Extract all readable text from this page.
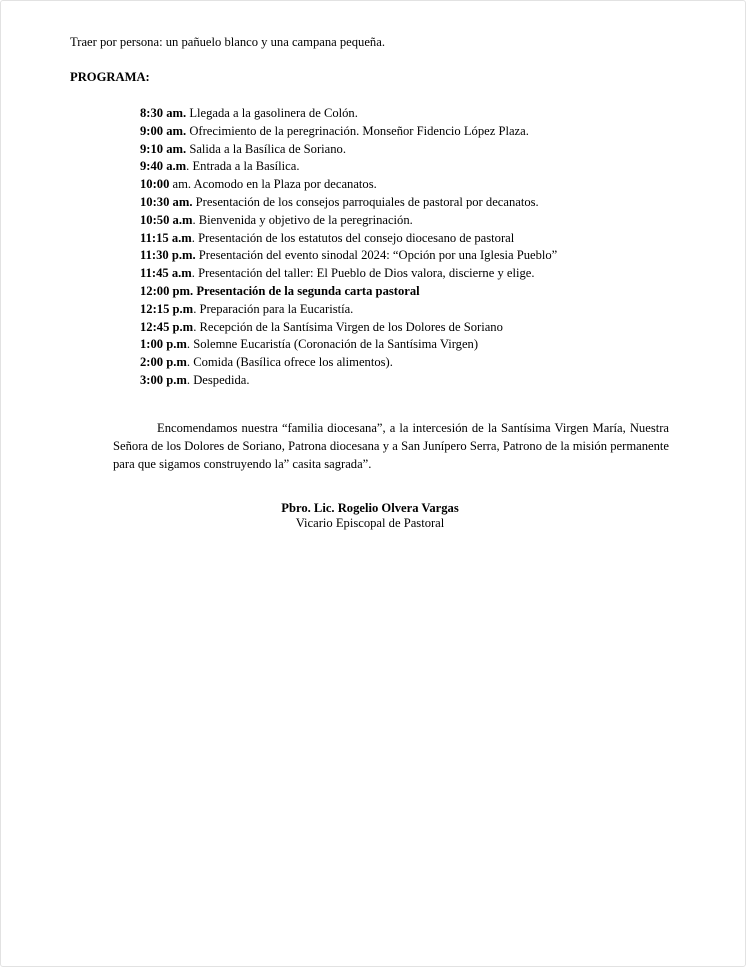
Traer por persona: un pañuelo blanco y una campana pequeña.
PROGRAMA:
8:30 am. Llegada a la gasolinera de Colón.
9:00 am. Ofrecimiento de la peregrinación. Monseñor Fidencio López Plaza.
9:10 am. Salida a la Basílica de Soriano.
9:40 a.m. Entrada a la Basílica.
10:00 am. Acomodo en la Plaza por decanatos.
10:30 am. Presentación de los consejos parroquiales de pastoral por decanatos.
10:50 a.m. Bienvenida y objetivo de la peregrinación.
11:15 a.m. Presentación de los estatutos del consejo diocesano de pastoral
11:30 p.m. Presentación del evento sinodal 2024: “Opción por una Iglesia Pueblo”
11:45 a.m. Presentación del taller: El Pueblo de Dios valora, discierne y elige.
12:00 pm. Presentación de la segunda carta pastoral
12:15 p.m. Preparación para la Eucaristía.
12:45 p.m. Recepción de la Santísima Virgen de los Dolores de Soriano
1:00 p.m. Solemne Eucaristía (Coronación de la Santísima Virgen)
2:00 p.m. Comida (Basílica ofrece los alimentos).
3:00 p.m. Despedida.

Encomendamos nuestra “familia diocesana”, a la intercesión de la Santísima Virgen María, Nuestra Señora de los Dolores de Soriano, Patrona diocesana y a San Junípero Serra, Patrono de la misión permanente para que sigamos construyendo la” casita sagrada”.

Pbro. Lic. Rogelio Olvera Vargas
Vicario Episcopal de Pastoral
